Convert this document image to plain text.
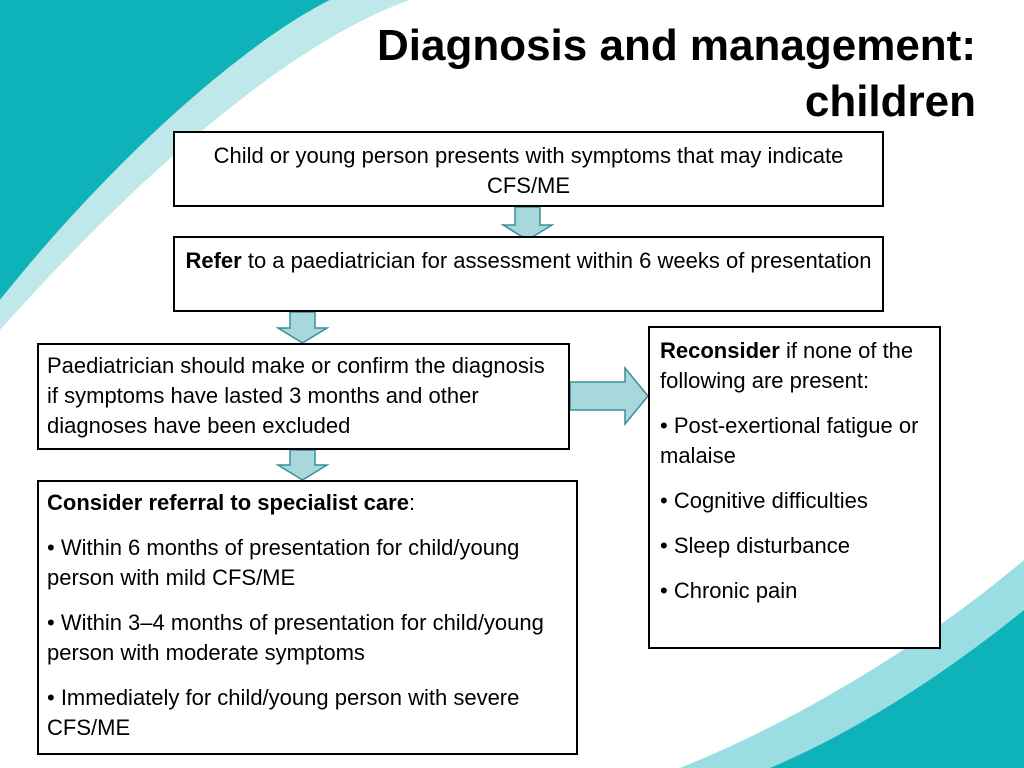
Diagnosis and management:
children

Child or young person presents with symptoms that may indicate CFS/ME

Refer to a paediatrician for assessment within 6 weeks of presentation

Paediatrician should make or confirm the diagnosis if symptoms have lasted 3 months and other diagnoses have been excluded

Consider referral to specialist care:

• Within 6 months of presentation for child/young person with mild CFS/ME

• Within 3–4 months of presentation for child/young person with moderate symptoms

• Immediately for child/young person with severe CFS/ME

Reconsider if none of the following are present:

• Post-exertional fatigue or malaise

• Cognitive difficulties

• Sleep disturbance

• Chronic pain
